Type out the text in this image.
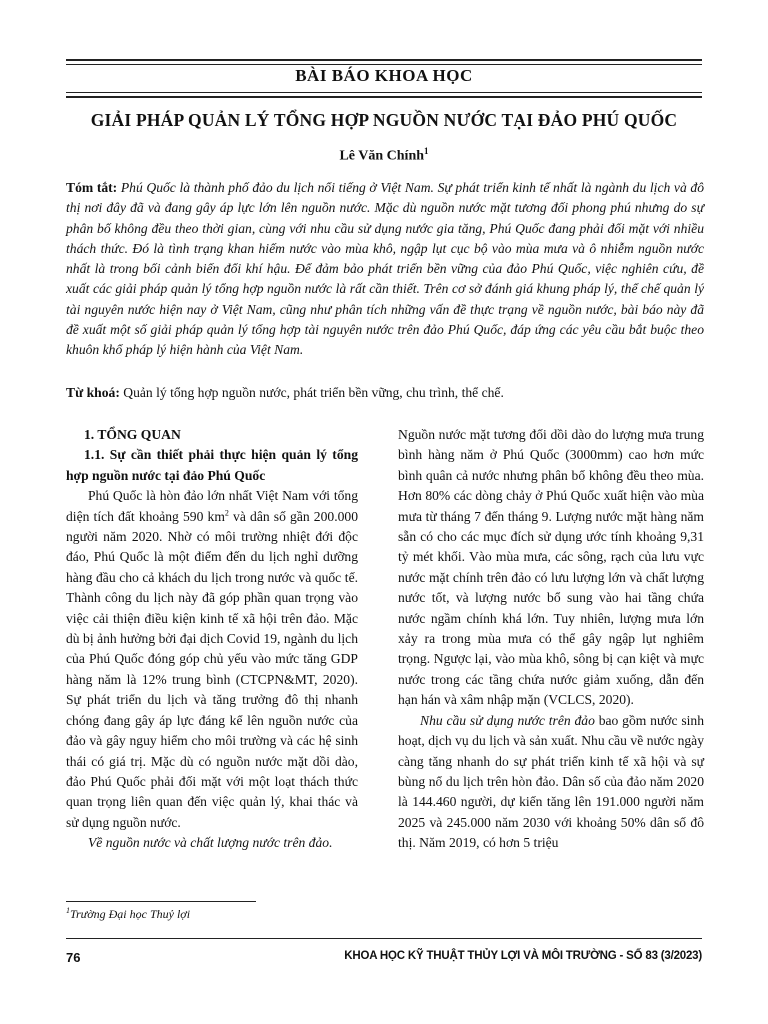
BÀI BÁO KHOA HỌC
GIẢI PHÁP QUẢN LÝ TỔNG HỢP NGUỒN NƯỚC TẠI ĐẢO PHÚ QUỐC
Lê Văn Chính$^1$
Tóm tắt: Phú Quốc là thành phố đảo du lịch nổi tiếng ở Việt Nam. Sự phát triển kinh tế nhất là ngành du lịch và đô thị nơi đây đã và đang gây áp lực lớn lên nguồn nước. Mặc dù nguồn nước mặt tương đối phong phú nhưng do sự phân bố không đều theo thời gian, cùng với nhu cầu sử dụng nước gia tăng, Phú Quốc đang phải đối mặt với nhiều thách thức. Đó là tình trạng khan hiếm nước vào mùa khô, ngập lụt cục bộ vào mùa mưa và ô nhiễm nguồn nước nhất là trong bối cảnh biến đổi khí hậu. Để đảm bảo phát triển bền vững của đảo Phú Quốc, việc nghiên cứu, đề xuất các giải pháp quản lý tổng hợp nguồn nước là rất cần thiết. Trên cơ sở đánh giá khung pháp lý, thể chế quản lý tài nguyên nước hiện nay ở Việt Nam, cũng như phân tích những vấn đề thực trạng về nguồn nước, bài báo này đã đề xuất một số giải pháp quản lý tổng hợp tài nguyên nước trên đảo Phú Quốc, đáp ứng các yêu cầu bắt buộc theo khuôn khổ pháp lý hiện hành của Việt Nam.
Từ khoá: Quản lý tổng hợp nguồn nước, phát triển bền vững, chu trình, thể chế.

1. TỔNG QUAN

1.1. Sự cần thiết phải thực hiện quản lý tổng hợp nguồn nước tại đảo Phú Quốc

Phú Quốc là hòn đảo lớn nhất Việt Nam với tổng diện tích đất khoảng 590 $km^2$ và dân số gần 200.000 người năm 2020. Nhờ có môi trường nhiệt đới độc đáo, Phú Quốc là một điểm đến du lịch nghỉ dưỡng hàng đầu cho cả khách du lịch trong nước và quốc tế. Thành công du lịch này đã góp phần quan trọng vào việc cải thiện điều kiện kinh tế xã hội trên đảo. Mặc dù bị ảnh hưởng bởi đại dịch Covid 19, ngành du lịch của Phú Quốc đóng góp chủ yếu vào mức tăng GDP hàng năm là 12% trung bình (CTCPN&MT, 2020). Sự phát triển du lịch và tăng trưởng đô thị nhanh chóng đang gây áp lực đáng kể lên nguồn nước của đảo và gây nguy hiểm cho môi trường và các hệ sinh thái có giá trị. Mặc dù có nguồn nước mặt dồi dào, đảo Phú Quốc phải đối mặt với một loạt thách thức quan trọng liên quan đến việc quản lý, khai thác và sử dụng nguồn nước.

Về nguồn nước và chất lượng nước trên đảo.

Nguồn nước mặt tương đối dồi dào do lượng mưa trung bình hàng năm ở Phú Quốc (3000mm) cao hơn mức bình quân cả nước nhưng phân bố không đều theo mùa. Hơn 80% các dòng chảy ở Phú Quốc xuất hiện vào mùa mưa từ tháng 7 đến tháng 9. Lượng nước mặt hàng năm sẵn có cho các mục đích sử dụng ước tính khoảng 9,31 tỷ mét khối. Vào mùa mưa, các sông, rạch của lưu vực nước mặt chính trên đảo có lưu lượng lớn và chất lượng nước tốt, và lượng nước bổ sung vào hai tầng chứa nước ngầm chính khá lớn. Tuy nhiên, lượng mưa lớn xảy ra trong mùa mưa có thể gây ngập lụt nghiêm trọng. Ngược lại, vào mùa khô, sông bị cạn kiệt và mực nước trong các tầng chứa nước giảm xuống, dẫn đến hạn hán và xâm nhập mặn (VCLCS, 2020).

Nhu cầu sử dụng nước trên đảo bao gồm nước sinh hoạt, dịch vụ du lịch và sản xuất. Nhu cầu về nước ngày càng tăng nhanh do sự phát triển kinh tế xã hội và sự bùng nổ du lịch trên hòn đảo. Dân số của đảo năm 2020 là 144.460 người, dự kiến tăng lên 191.000 người năm 2025 và 245.000 năm 2030 với khoảng 50% dân số đô thị. Năm 2019, có hơn 5 triệu

$^1$Trường Đại học Thuỷ lợi
76	KHOA HỌC KỸ THUẬT THỦY LỢI VÀ MÔI TRƯỜNG - SỐ 83 (3/2023)
